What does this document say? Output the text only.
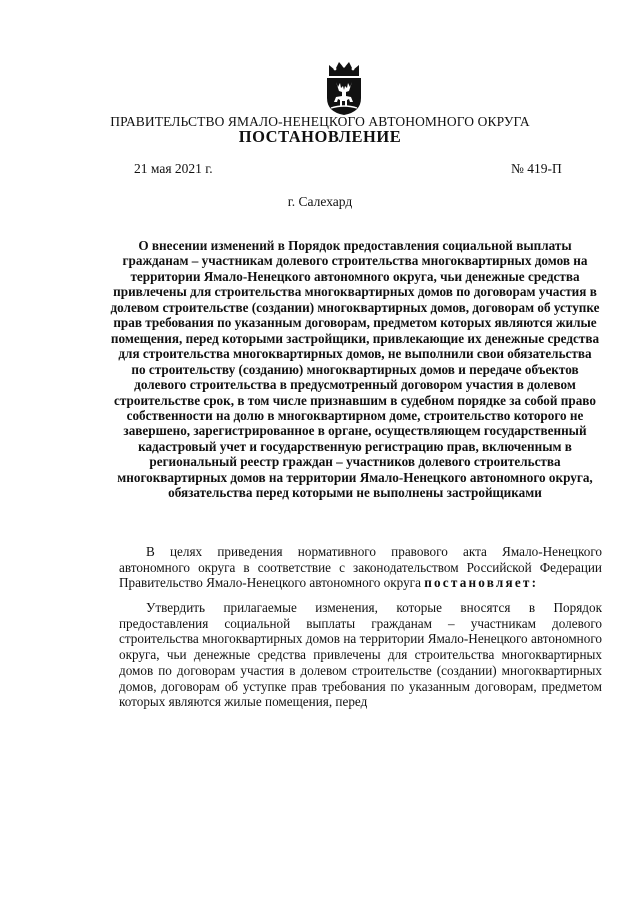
ПРАВИТЕЛЬСТВО ЯМАЛО-НЕНЕЦКОГО АВТОНОМНОГО ОКРУГА
ПОСТАНОВЛЕНИЕ
21 мая 2021 г.	№ 419-П
г. Салехард
О внесении изменений в Порядок предоставления социальной выплаты гражданам – участникам долевого строительства многоквартирных домов на территории Ямало-Ненецкого автономного округа, чьи денежные средства привлечены для строительства многоквартирных домов по договорам участия в долевом строительстве (создании) многоквартирных домов, договорам об уступке прав требования по указанным договорам, предметом которых являются жилые помещения, перед которыми застройщики, привлекающие их денежные средства для строительства многоквартирных домов, не выполнили свои обязательства по строительству (созданию) многоквартирных домов и передаче объектов долевого строительства в предусмотренный договором участия в долевом строительстве срок, в том числе признавшим в судебном порядке за собой право собственности на долю в многоквартирном доме, строительство которого не завершено, зарегистрированное в органе, осуществляющем государственный кадастровый учет и государственную регистрацию прав, включенным в региональный реестр граждан – участников долевого строительства многоквартирных домов на территории Ямало-Ненецкого автономного округа, обязательства перед которыми не выполнены застройщиками
В целях приведения нормативного правового акта Ямало-Ненецкого автономного округа в соответствие с законодательством Российской Федерации Правительство Ямало-Ненецкого автономного округа постановляет:
Утвердить прилагаемые изменения, которые вносятся в Порядок предоставления социальной выплаты гражданам – участникам долевого строительства многоквартирных домов на территории Ямало-Ненецкого автономного округа, чьи денежные средства привлечены для строительства многоквартирных домов по договорам участия в долевом строительстве (создании) многоквартирных домов, договорам об уступке прав требования по указанным договорам, предметом которых являются жилые помещения, перед
